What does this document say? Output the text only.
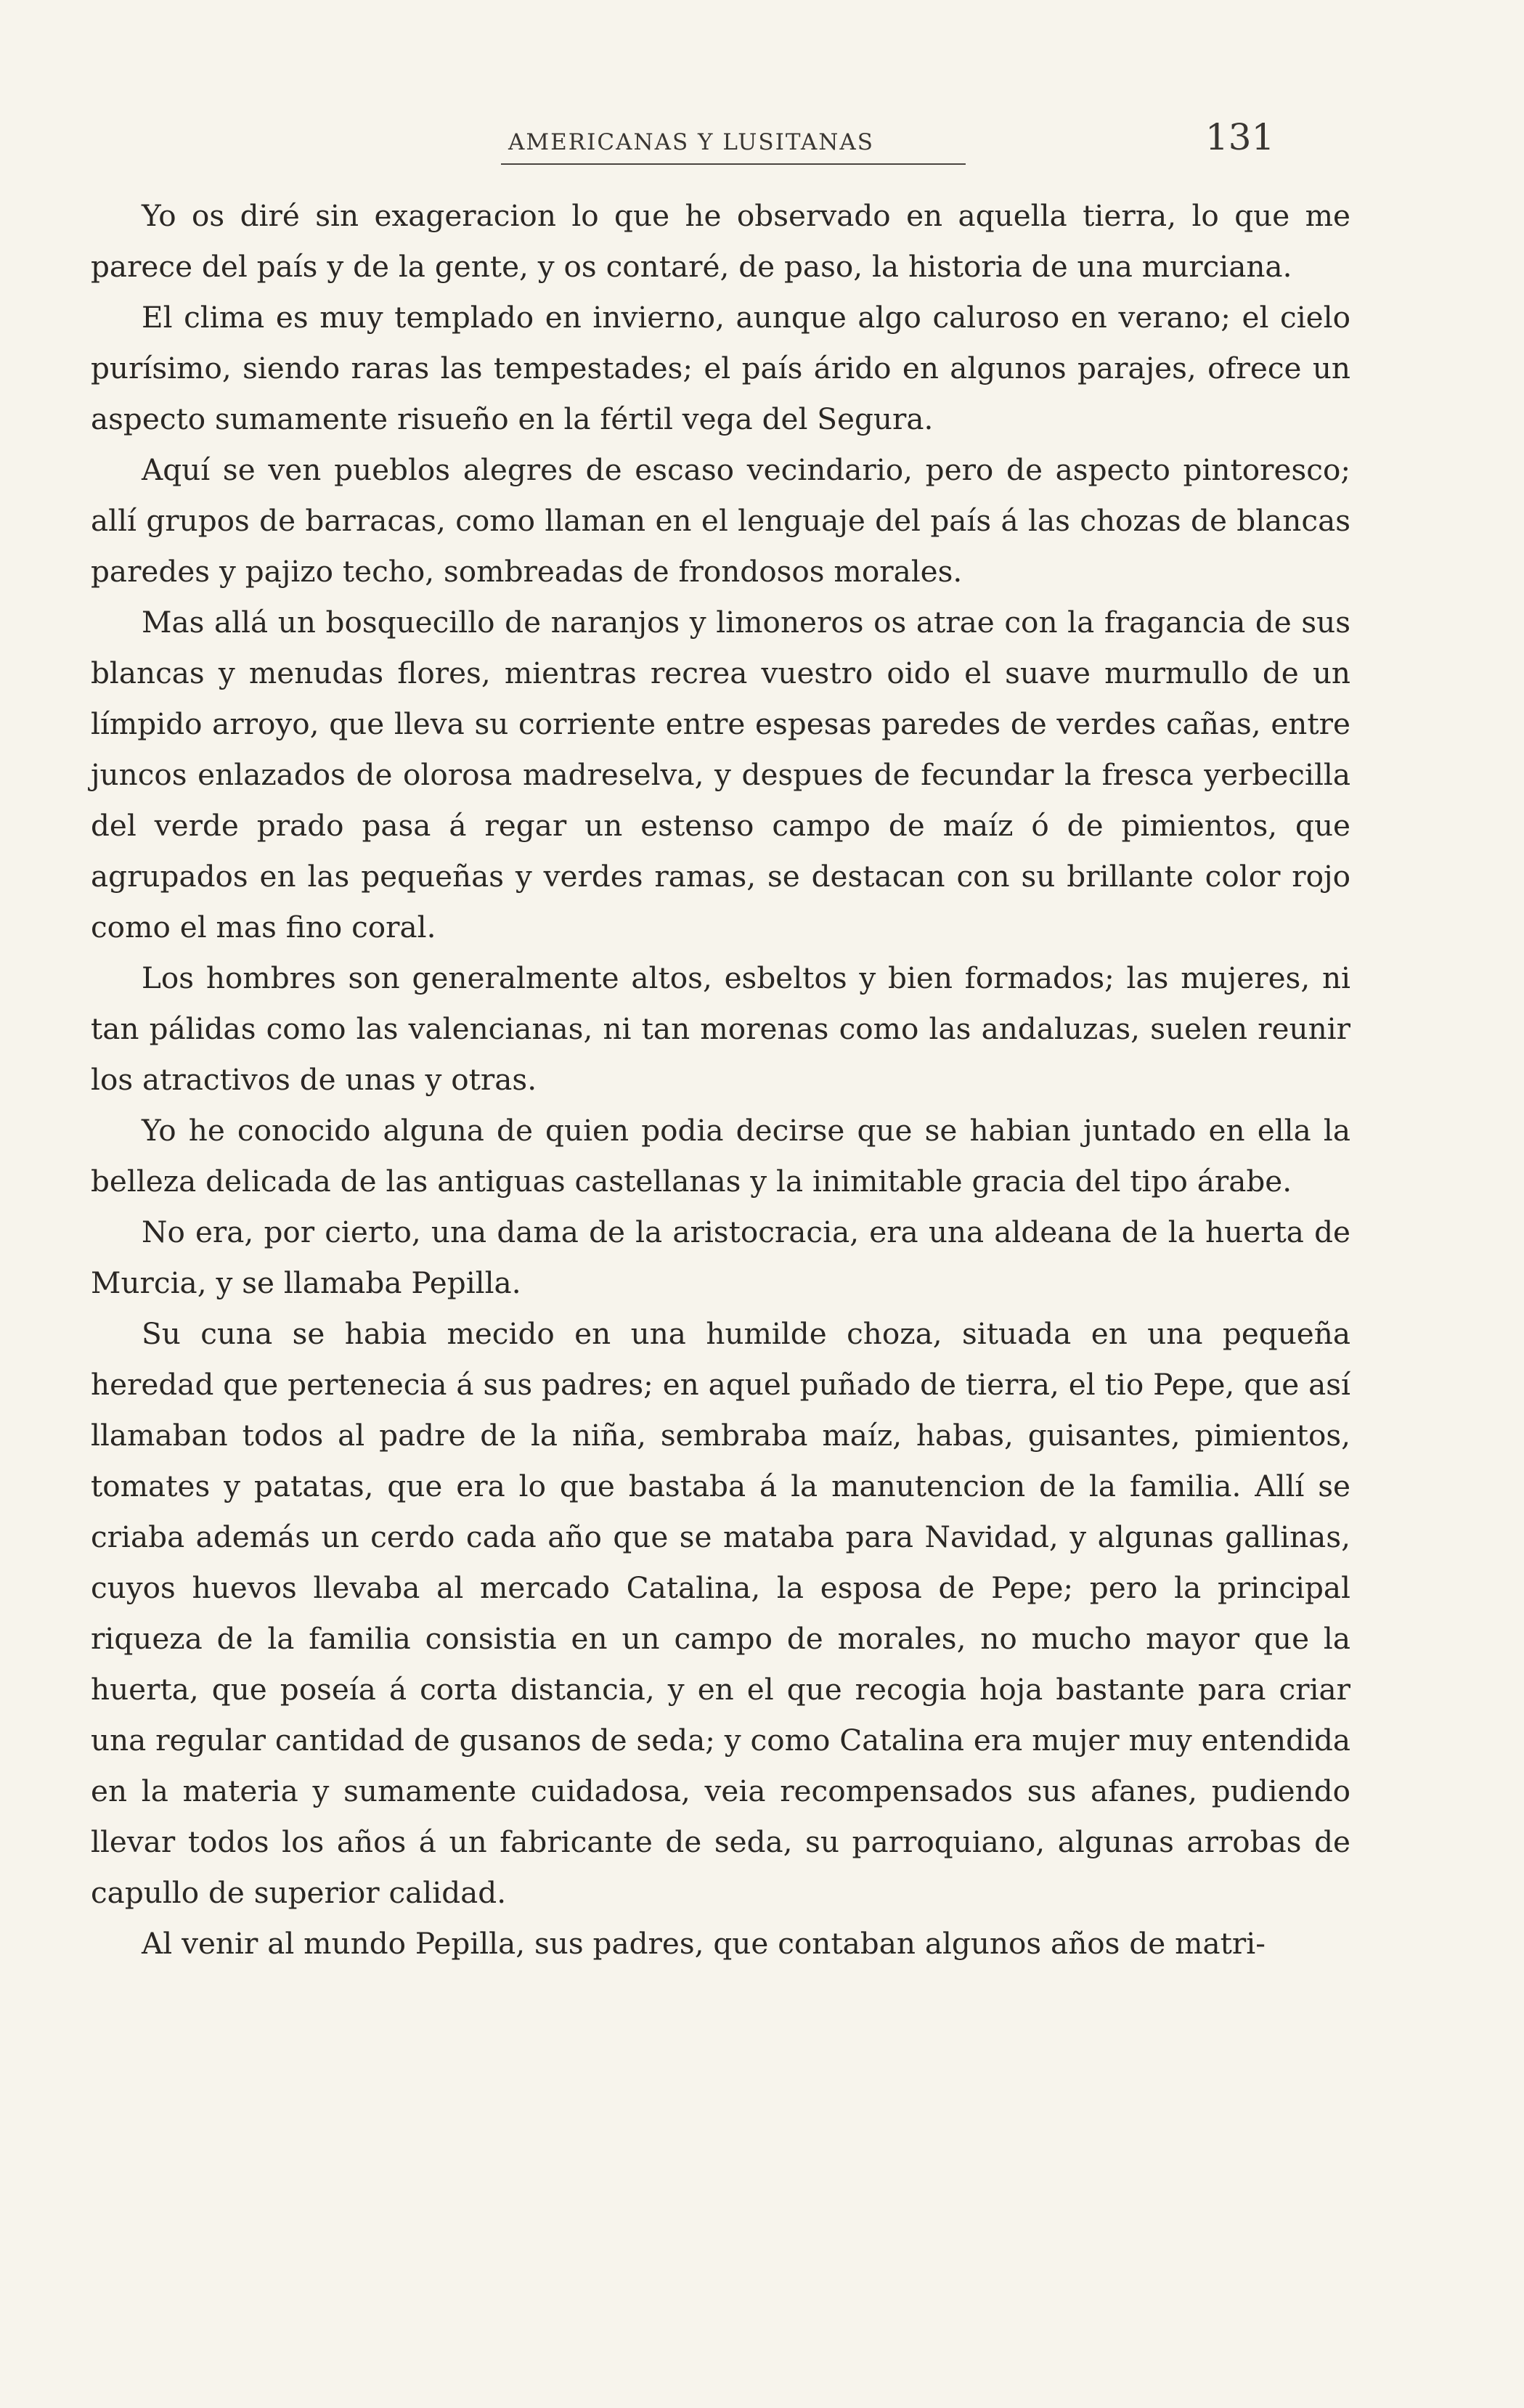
AMERICANAS Y LUSITANAS	131

Yo os diré sin exageracion lo que he observado en aquella tierra, lo que me parece del país y de la gente, y os contaré, de paso, la historia de una murciana.

El clima es muy templado en invierno, aunque algo caluroso en verano; el cielo purísimo, siendo raras las tempestades; el país árido en algunos parajes, ofrece un aspecto sumamente risueño en la fértil vega del Segura.

Aquí se ven pueblos alegres de escaso vecindario, pero de aspecto pintoresco; allí grupos de barracas, como llaman en el lenguaje del país á las chozas de blancas paredes y pajizo techo, sombreadas de frondosos morales.

Mas allá un bosquecillo de naranjos y limoneros os atrae con la fragancia de sus blancas y menudas flores, mientras recrea vuestro oido el suave murmullo de un límpido arroyo, que lleva su corriente entre espesas paredes de verdes cañas, entre juncos enlazados de olorosa madreselva, y despues de fecundar la fresca yerbecilla del verde prado pasa á regar un estenso campo de maíz ó de pimientos, que agrupados en las pequeñas y verdes ramas, se destacan con su brillante color rojo como el mas fino coral.

Los hombres son generalmente altos, esbeltos y bien formados; las mujeres, ni tan pálidas como las valencianas, ni tan morenas como las andaluzas, suelen reunir los atractivos de unas y otras.

Yo he conocido alguna de quien podia decirse que se habian juntado en ella la belleza delicada de las antiguas castellanas y la inimitable gracia del tipo árabe.

No era, por cierto, una dama de la aristocracia, era una aldeana de la huerta de Murcia, y se llamaba Pepilla.

Su cuna se habia mecido en una humilde choza, situada en una pequeña heredad que pertenecia á sus padres; en aquel puñado de tierra, el tio Pepe, que así llamaban todos al padre de la niña, sembraba maíz, habas, guisantes, pimientos, tomates y patatas, que era lo que bastaba á la manutencion de la familia. Allí se criaba además un cerdo cada año que se mataba para Navidad, y algunas gallinas, cuyos huevos llevaba al mercado Catalina, la esposa de Pepe; pero la principal riqueza de la familia consistia en un campo de morales, no mucho mayor que la huerta, que poseía á corta distancia, y en el que recogia hoja bastante para criar una regular cantidad de gusanos de seda; y como Catalina era mujer muy entendida en la materia y sumamente cuidadosa, veia recompensados sus afanes, pudiendo llevar todos los años á un fabricante de seda, su parroquiano, algunas arrobas de capullo de superior calidad.

Al venir al mundo Pepilla, sus padres, que contaban algunos años de matri-
